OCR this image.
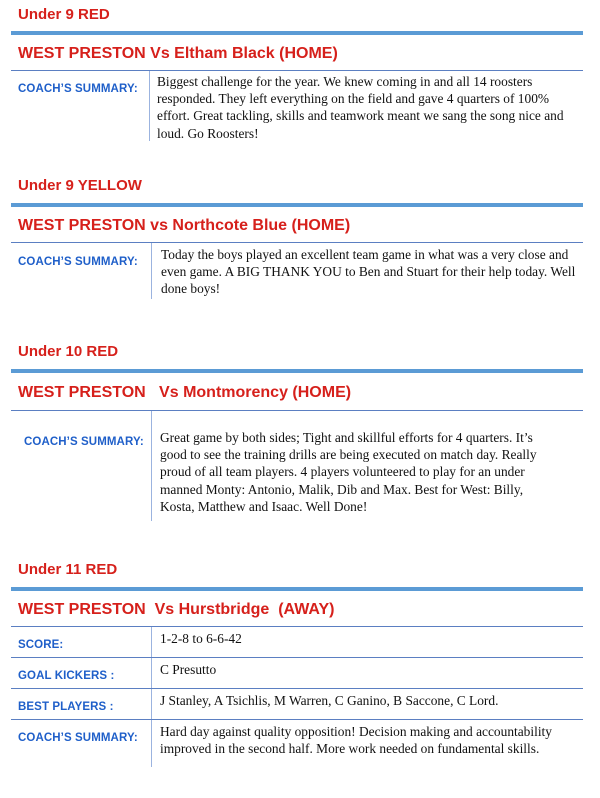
Under 9 RED
WEST PRESTON Vs Eltham Black (HOME)
COACH’S SUMMARY: Biggest challenge for the year. We knew coming in and all 14 roosters responded. They left everything on the field and gave 4 quarters of 100% effort. Great tackling, skills and teamwork meant we sang the song nice and loud. Go Roosters!
Under 9 YELLOW
WEST PRESTON vs Northcote Blue (HOME)
COACH’S SUMMARY: Today the boys played an excellent team game in what was a very close and even game. A BIG THANK YOU to Ben and Stuart for their help today. Well done boys!
Under 10 RED
WEST PRESTON   Vs Montmorency (HOME)
COACH’S SUMMARY: Great game by both sides; Tight and skillful efforts for 4 quarters. It’s good to see the training drills are being executed on match day. Really proud of all team players. 4 players volunteered to play for an under manned Monty: Antonio, Malik, Dib and Max. Best for West: Billy, Kosta, Matthew and Isaac. Well Done!
Under 11 RED
WEST PRESTON  Vs Hurstbridge  (AWAY)
SCORE:	1-2-8 to 6-6-42
GOAL KICKERS :	C Presutto
BEST PLAYERS :	J Stanley, A Tsichlis, M Warren, C Ganino, B Saccone, C Lord.
COACH’S SUMMARY: Hard day against quality opposition! Decision making and accountability improved in the second half. More work needed on fundamental skills.
